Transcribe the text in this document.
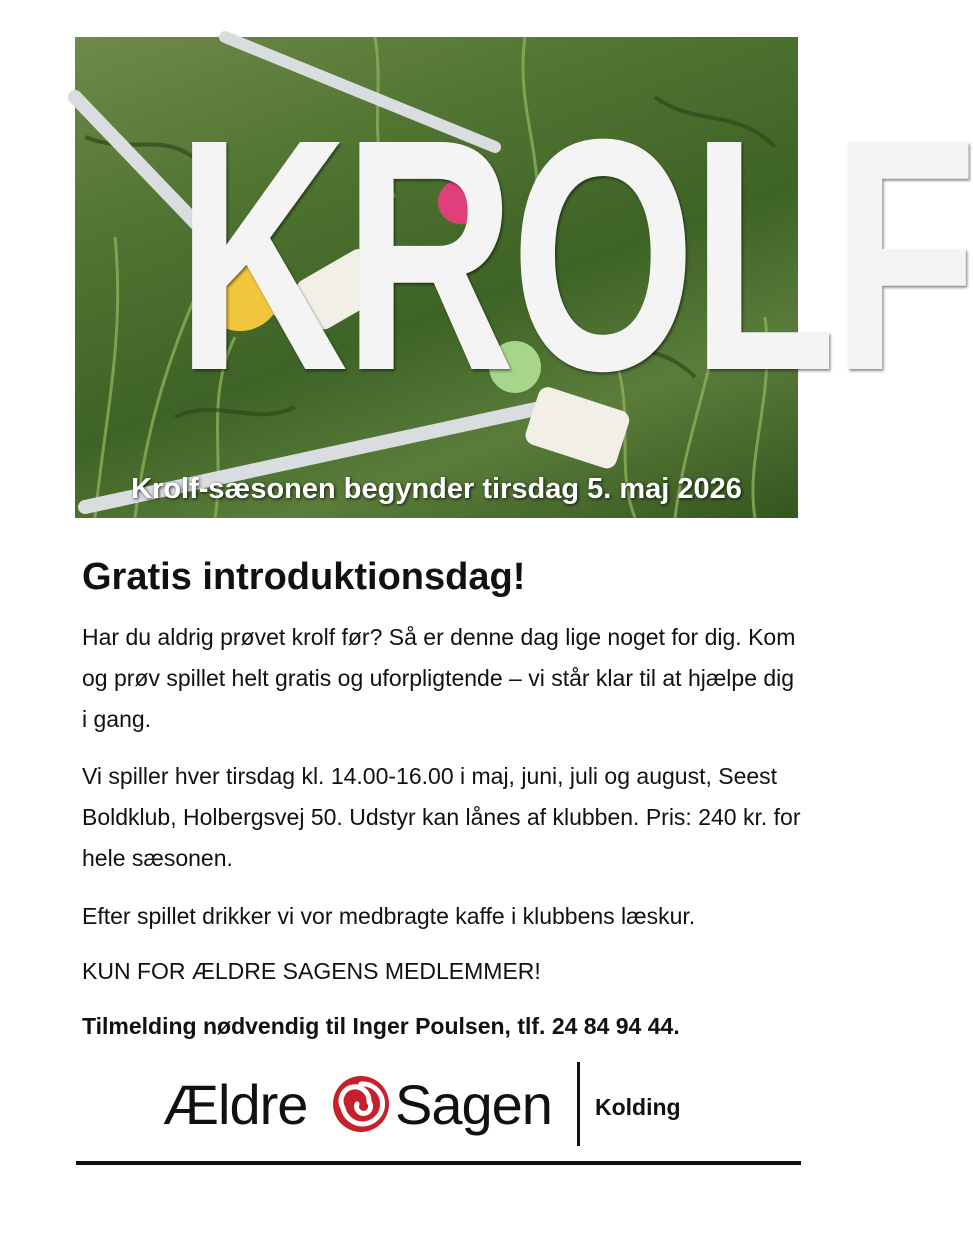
KROLF
Krolf-sæsonen begynder tirsdag 5. maj 2026
Gratis introduktionsdag!

Har du aldrig prøvet krolf før? Så er denne dag lige noget for dig. Kom og prøv spillet helt gratis og uforpligtende – vi står klar til at hjælpe dig i gang.

Vi spiller hver tirsdag kl. 14.00-16.00 i maj, juni, juli og august, Seest Boldklub, Holbergsvej 50. Udstyr kan lånes af klubben. Pris: 240 kr. for hele sæsonen.

Efter spillet drikker vi vor medbragte kaffe i klubbens læskur.

KUN FOR ÆLDRE SAGENS MEDLEMMER!

Tilmelding nødvendig til Inger Poulsen, tlf. 24 84 94 44.

Ældre Sagen Kolding
